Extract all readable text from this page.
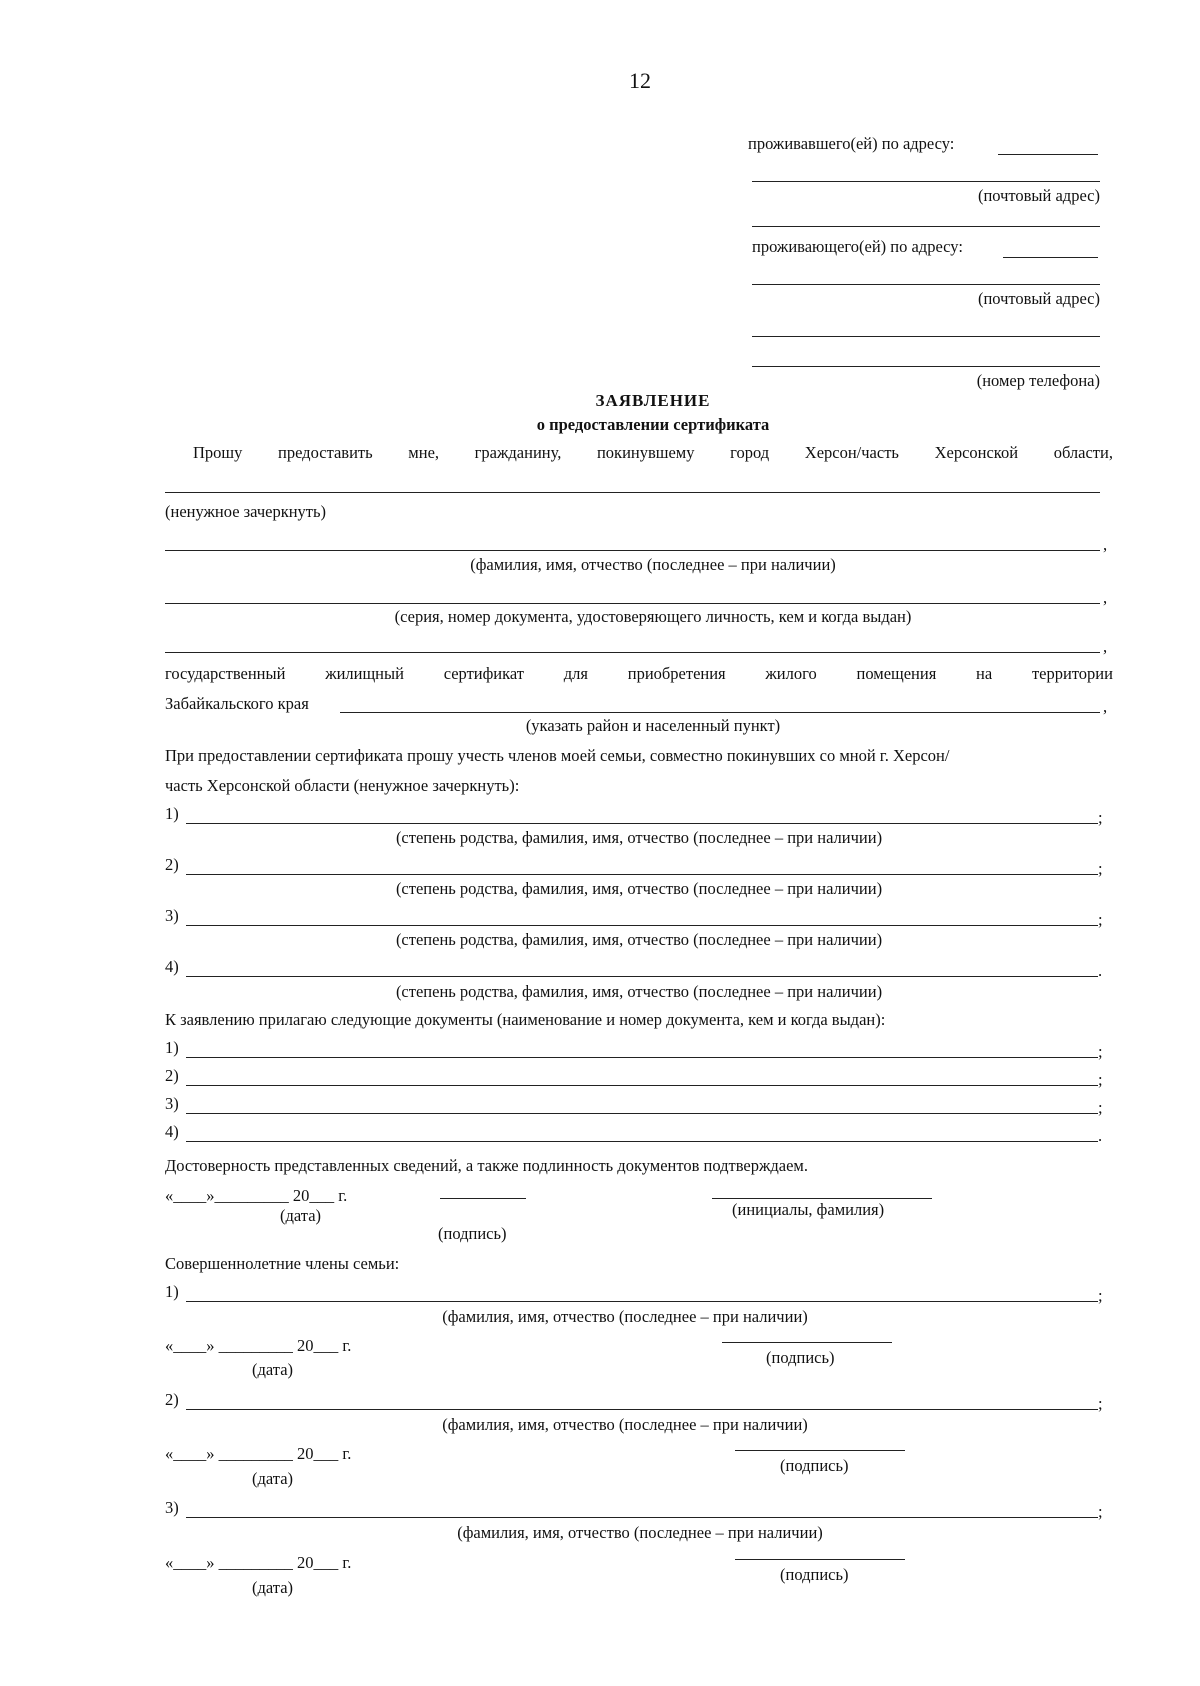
12
проживавшего(ей) по адресу:
(почтовый адрес)
проживающего(ей) по адресу:
(почтовый адрес)
(номер телефона)
ЗАЯВЛЕНИЕ
о предоставлении сертификата
Прошу предоставить мне, гражданину, покинувшему город Херсон/часть Херсонской области,
(ненужное зачеркнуть)
,
(фамилия, имя, отчество (последнее – при наличии)
,
(серия, номер документа, удостоверяющего личность, кем и когда выдан)
,
государственный жилищный сертификат для приобретения жилого помещения на территории
Забайкальского края	,
(указать район и населенный пункт)
При предоставлении сертификата прошу учесть членов моей семьи, совместно покинувших со мной г. Херсон/
часть Херсонской области (ненужное зачеркнуть):
1)	;
(степень родства, фамилия, имя, отчество (последнее – при наличии)
2)	;
(степень родства, фамилия, имя, отчество (последнее – при наличии)
3)	;
(степень родства, фамилия, имя, отчество (последнее – при наличии)
4)	.
(степень родства, фамилия, имя, отчество (последнее – при наличии)
К заявлению прилагаю следующие документы (наименование и номер документа, кем и когда выдан):
1)	;
2)	;
3)	;
4)	.
Достоверность представленных сведений, а также подлинность документов подтверждаем.
«____»_________ 20___ г.
(дата)
(подпись)
(инициалы, фамилия)
Совершеннолетние члены семьи:
1)	;
(фамилия, имя, отчество (последнее – при наличии)
«____» _________ 20___ г.
(дата)
(подпись)
2)	;
(фамилия, имя, отчество (последнее – при наличии)
«____» _________ 20___ г.
(дата)
(подпись)
3)	;
(фамилия, имя, отчество (последнее – при наличии)
«____» _________ 20___ г.
(дата)
(подпись)
